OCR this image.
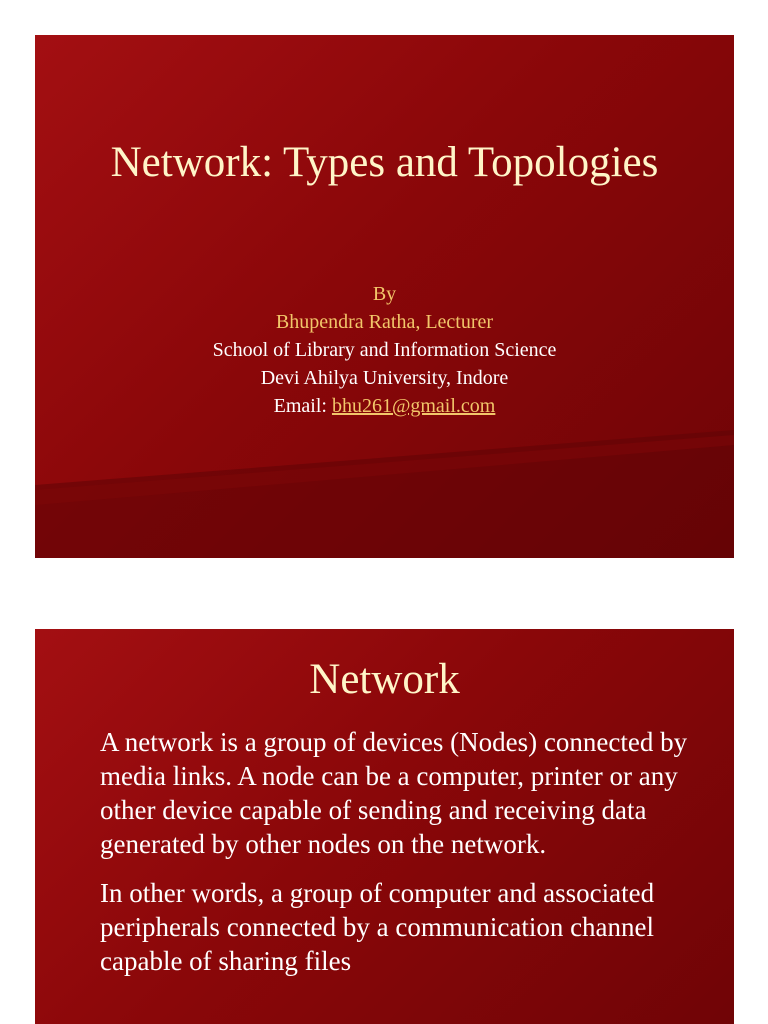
Network: Types and Topologies
By
Bhupendra Ratha, Lecturer
School of Library and Information Science
Devi Ahilya University, Indore
Email: bhu261@gmail.com
Network

A network is a group of devices (Nodes) connected by media links. A node can be a computer, printer or any other device capable of sending and receiving data generated by other nodes on the network.

In other words, a group of computer and associated peripherals connected by a communication channel capable of sharing files
